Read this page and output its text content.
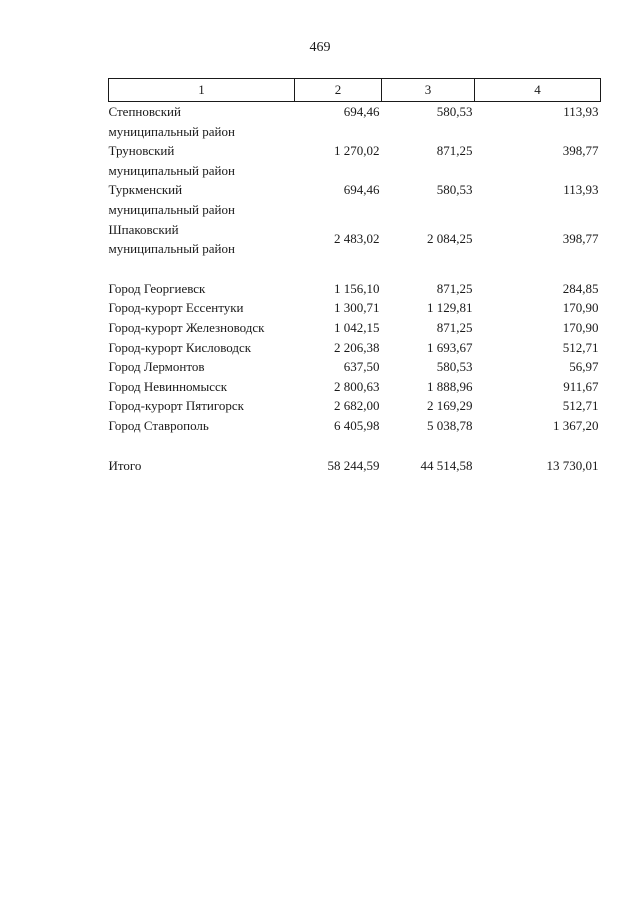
469
1	2	3	4
Степновский	694,46	580,53	113,93
муниципальный район			
Труновский	1 270,02	871,25	398,77
муниципальный район			
Туркменский	694,46	580,53	113,93
муниципальный район			
Шпаковский	2 483,02	2 084,25	398,77
муниципальный район			

Город Георгиевск	1 156,10	871,25	284,85
Город-курорт Ессентуки	1 300,71	1 129,81	170,90
Город-курорт Железноводск	1 042,15	871,25	170,90
Город-курорт Кисловодск	2 206,38	1 693,67	512,71
Город Лермонтов	637,50	580,53	56,97
Город Невинномысск	2 800,63	1 888,96	911,67
Город-курорт Пятигорск	2 682,00	2 169,29	512,71
Город Ставрополь	6 405,98	5 038,78	1 367,20

Итого	58 244,59	44 514,58	13 730,01
